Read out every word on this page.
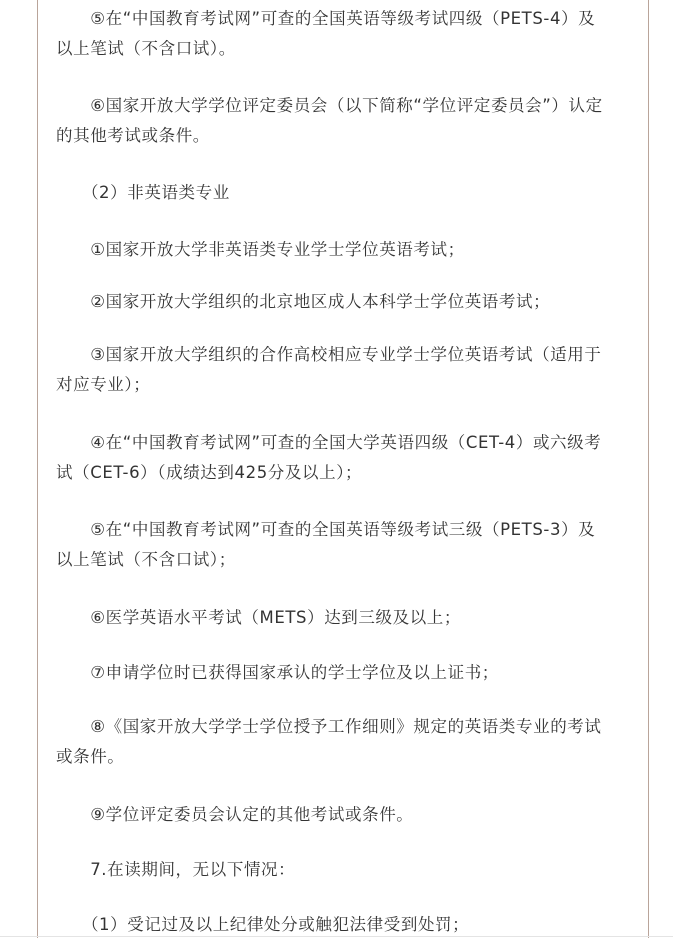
　　⑤在“中国教育考试网”可查的全国英语等级考试四级（PETS-4）及
以上笔试（不含口试）。
　　⑥国家开放大学学位评定委员会（以下简称“学位评定委员会”）认定
的其他考试或条件。
　　（2）非英语类专业
　　①国家开放大学非英语类专业学士学位英语考试；
　　②国家开放大学组织的北京地区成人本科学士学位英语考试；
　　③国家开放大学组织的合作高校相应专业学士学位英语考试（适用于
对应专业）；
　　④在“中国教育考试网”可查的全国大学英语四级（CET-4）或六级考
试（CET-6）（成绩达到425分及以上）；
　　⑤在“中国教育考试网”可查的全国英语等级考试三级（PETS-3）及
以上笔试（不含口试）；
　　⑥医学英语水平考试（METS）达到三级及以上；
　　⑦申请学位时已获得国家承认的学士学位及以上证书；
　　⑧《国家开放大学学士学位授予工作细则》规定的英语类专业的考试
或条件。
　　⑨学位评定委员会认定的其他考试或条件。
　　7.在读期间，无以下情况：
　　（1）受记过及以上纪律处分或触犯法律受到处罚；
